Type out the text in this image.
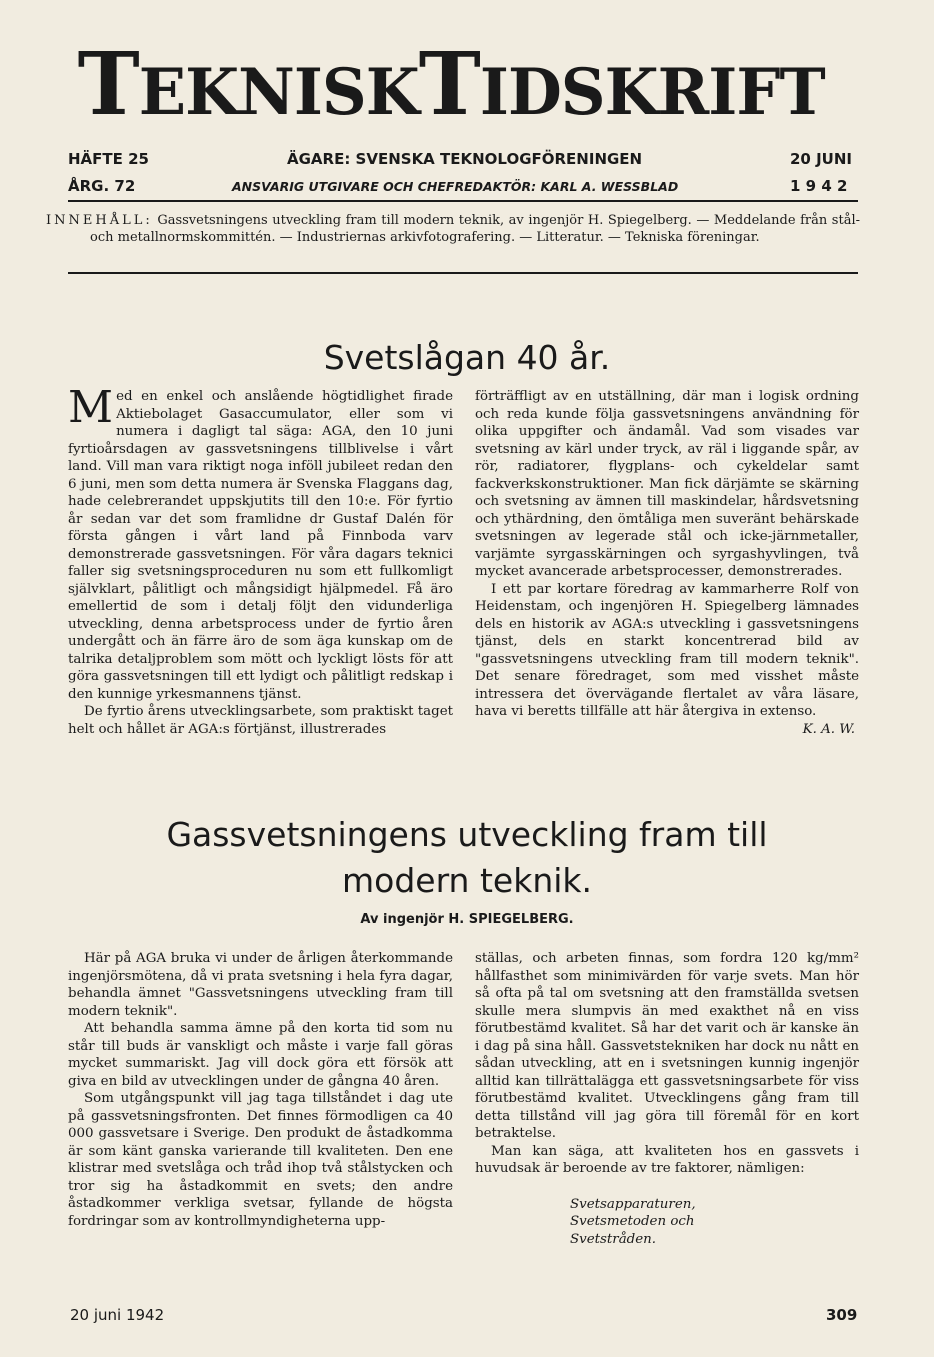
TEKNISKTIDSKRIFT
HÄFTE 25	ÄGARE: SVENSKA TEKNOLOGFÖRENINGEN	20 JUNI
ÅRG. 72	ANSVARIG UTGIVARE OCH CHEFREDAKTÖR: KARL A. WESSBLAD	1 9 4 2

INNEHÅLL: Gassvetsningens utveckling fram till modern teknik, av ingenjör H. Spiegelberg. — Meddelande från stål- och metallnormskommittén. — Industriernas arkivfotografering. — Litteratur. — Tekniska föreningar.

Svetslågan 40 år.

Med en enkel och anslående högtidlighet firade Aktiebolaget Gasaccumulator, eller som vi numera i dagligt tal säga: AGA, den 10 juni fyrtioårsdagen av gassvetsningens tillblivelse i vårt land. Vill man vara riktigt noga inföll jubileet redan den 6 juni, men som detta numera är Svenska Flaggans dag, hade celebrerandet uppskjutits till den 10:e. För fyrtio år sedan var det som framlidne dr Gustaf Dalén för första gången i vårt land på Finnboda varv demonstrerade gassvetsningen. För våra dagars teknici faller sig svetsningsproceduren nu som ett fullkomligt självklart, pålitligt och mångsidigt hjälpmedel. Få äro emellertid de som i detalj följt den vidunderliga utveckling, denna arbetsprocess under de fyrtio åren undergått och än färre äro de som äga kunskap om de talrika detaljproblem som mött och lyckligt lösts för att göra gassvetsningen till ett lydigt och pålitligt redskap i den kunnige yrkesmannens tjänst.

De fyrtio årens utvecklingsarbete, som praktiskt taget helt och hållet är AGA:s förtjänst, illustrerades

förträffligt av en utställning, där man i logisk ordning och reda kunde följa gassvetsningens användning för olika uppgifter och ändamål. Vad som visades var svetsning av kärl under tryck, av räl i liggande spår, av rör, radiatorer, flygplans- och cykeldelar samt fackverkskonstruktioner. Man fick därjämte se skärning och svetsning av ämnen till maskindelar, hårdsvetsning och ythärdning, den ömtåliga men suveränt behärskade svetsningen av legerade stål och icke-järnmetaller, varjämte syrgasskärningen och syrgashyvlingen, två mycket avancerade arbetsprocesser, demonstrerades.

I ett par kortare föredrag av kammarherre Rolf von Heidenstam, och ingenjören H. Spiegelberg lämnades dels en historik av AGA:s utveckling i gassvetsningens tjänst, dels en starkt koncentrerad bild av "gassvetsningens utveckling fram till modern teknik". Det senare föredraget, som med visshet måste intressera det övervägande flertalet av våra läsare, hava vi beretts tillfälle att här återgiva in extenso.

K. A. W.

Gassvetsningens utveckling fram till
modern teknik.
Av ingenjör H. SPIEGELBERG.

Här på AGA bruka vi under de årligen återkommande ingenjörsmötena, då vi prata svetsning i hela fyra dagar, behandla ämnet "Gassvetsningens utveckling fram till modern teknik".

Att behandla samma ämne på den korta tid som nu står till buds är vanskligt och måste i varje fall göras mycket summariskt. Jag vill dock göra ett försök att giva en bild av utvecklingen under de gångna 40 åren.

Som utgångspunkt vill jag taga tillståndet i dag ute på gassvetsningsfronten. Det finnes förmodligen ca 40 000 gassvetsare i Sverige. Den produkt de åstadkomma är som känt ganska varierande till kvaliteten. Den ene klistrar med svetslåga och tråd ihop två stålstycken och tror sig ha åstadkommit en svets; den andre åstadkommer verkliga svetsar, fyllande de högsta fordringar som av kontrollmyndigheterna upp-

ställas, och arbeten finnas, som fordra 120 kg/mm² hållfasthet som minimivärden för varje svets. Man hör så ofta på tal om svetsning att den framställda svetsen skulle mera slumpvis än med exakthet nå en viss förutbestämd kvalitet. Så har det varit och är kanske än i dag på sina håll. Gassvetstekniken har dock nu nått en sådan utveckling, att en i svetsningen kunnig ingenjör alltid kan tillrättalägga ett gassvetsningsarbete för viss förutbestämd kvalitet. Utvecklingens gång fram till detta tillstånd vill jag göra till föremål för en kort betraktelse.

Man kan säga, att kvaliteten hos en gassvets i huvudsak är beroende av tre faktorer, nämligen:

Svetsapparaturen,
Svetsmetoden och
Svetstråden.
20 juni 1942	309
